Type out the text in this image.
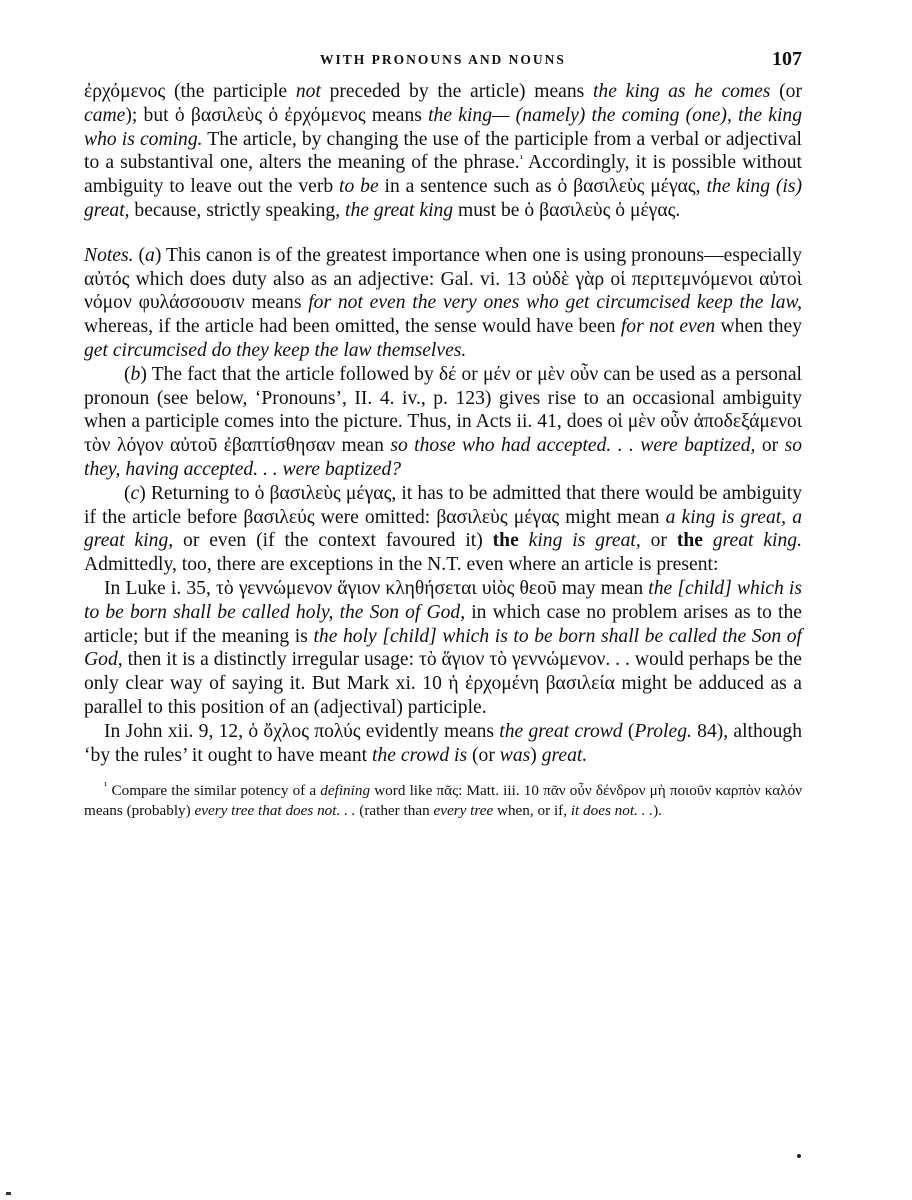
WITH PRONOUNS AND NOUNS	107

ἐρχόμενος (the participle not preceded by the article) means the king as he comes (or came); but ὁ βασιλεὺς ὁ ἐρχόμενος means the king— (namely) the coming (one), the king who is coming. The article, by changing the use of the participle from a verbal or adjectival to a substantival one, alters the meaning of the phrase.$^{^1}$ Accordingly, it is possible without ambiguity to leave out the verb to be in a sentence such as ὁ βασιλεὺς μέγας, the king (is) great, because, strictly speaking, the great king must be ὁ βασιλεὺς ὁ μέγας.

Notes. (a) This canon is of the greatest importance when one is using pronouns—especially αὐτός which does duty also as an adjective: Gal. vi. 13 οὐδὲ γὰρ οἱ περιτεμνόμενοι αὐτοὶ νόμον φυλάσσουσιν means for not even the very ones who get circumcised keep the law, whereas, if the article had been omitted, the sense would have been for not even when they get circumcised do they keep the law themselves.

(b) The fact that the article followed by δέ or μέν or μὲν οὖν can be used as a personal pronoun (see below, ‘Pronouns’, II. 4. iv., p. 123) gives rise to an occasional ambiguity when a participle comes into the picture. Thus, in Acts ii. 41, does οἱ μὲν οὖν ἀποδεξάμενοι τὸν λόγον αὐτοῦ ἐβαπτίσθησαν mean so those who had accepted. . . were baptized, or so they, having accepted. . . were baptized?

(c) Returning to ὁ βασιλεὺς μέγας, it has to be admitted that there would be ambiguity if the article before βασιλεύς were omitted: βασιλεὺς μέγας might mean a king is great, a great king, or even (if the context favoured it) the king is great, or the great king. Admittedly, too, there are exceptions in the N.T. even where an article is present:

In Luke i. 35, τὸ γεννώμενον ἅγιον κληθήσεται υἱὸς θεοῦ may mean the [child] which is to be born shall be called holy, the Son of God, in which case no problem arises as to the article; but if the meaning is the holy [child] which is to be born shall be called the Son of God, then it is a distinctly irregular usage: τὸ ἅγιον τὸ γεννώμενον. . . would perhaps be the only clear way of saying it. But Mark xi. 10 ἡ ἐρχομένη βασιλεία might be adduced as a parallel to this position of an (adjectival) participle.

In John xii. 9, 12, ὁ ὄχλος πολύς evidently means the great crowd (Proleg. 84), although ‘by the rules’ it ought to have meant the crowd is (or was) great.

$^{^1}$ Compare the similar potency of a defining word like πᾶς: Matt. iii. 10 πᾶν οὖν δένδρον μὴ ποιοῦν καρπὸν καλόν means (probably) every tree that does not. . . (rather than every tree when, or if, it does not. . .).
